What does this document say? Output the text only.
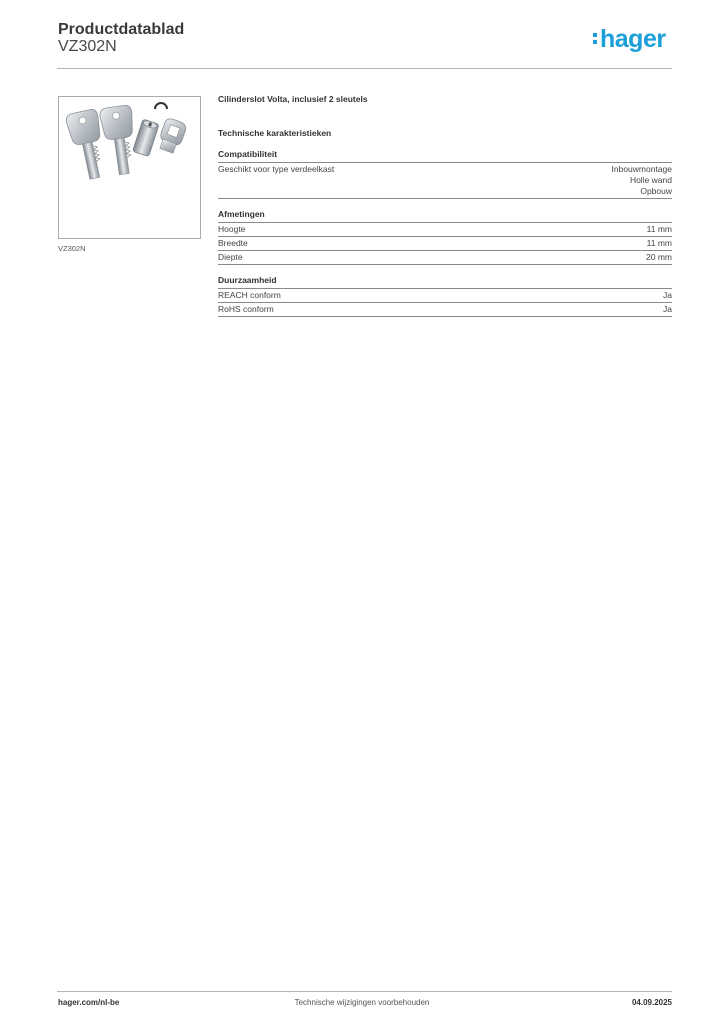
Productdatablad
VZ302N	hager
VZ302N

Cilinderslot Volta, inclusief 2 sleutels

Technische karakteristieken
Compatibiliteit
Geschikt voor type verdeelkast	Inbouwmontage
Holle wand
Opbouw
Afmetingen
Hoogte	11 mm
Breedte	11 mm
Diepte	20 mm
Duurzaamheid
REACH conform	Ja
RoHS conform	Ja
hager.com/nl-be	Technische wijzigingen voorbehouden	04.09.2025
